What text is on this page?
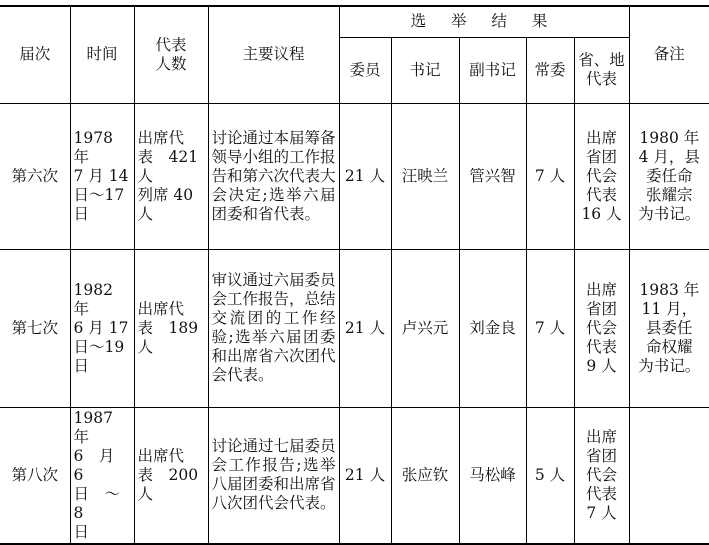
届次	时间	代表
人数	主要议程	选 举 结 果					备注
				委员	书记	副书记	常委	省、地
代表	
第六次	1978 年
7 月 14
日～17
日	出席代
表　421
人
列席 40
人	讨论通过本届筹备领导小组的工作报告和第六次代表大会决定;选举六届团委和省代表。	21 人	汪映兰	管兴智	7 人	出席
省团
代会
代表
16 人	1980 年
4 月，县
委任命
张耀宗
为书记。
第七次	1982 年
6 月 17
日～19
日	出席代
表　189
人	审议通过六届委员会工作报告，总结交流团的工作经验;选举六届团委和出席省六次团代会代表。	21 人	卢兴元	刘金良	7 人	出席
省团
代会
代表
9 人	1983 年
11 月，
县委任
命权耀
为书记。
第八次	1987 年
6　月　6
日　～　8
日	出席代
表　200
人	讨论通过七届委员会工作报告;选举八届团委和出席省八次团代会代表。	21 人	张应钦	马松峰	5 人	出席
省团
代会
代表
7 人	
